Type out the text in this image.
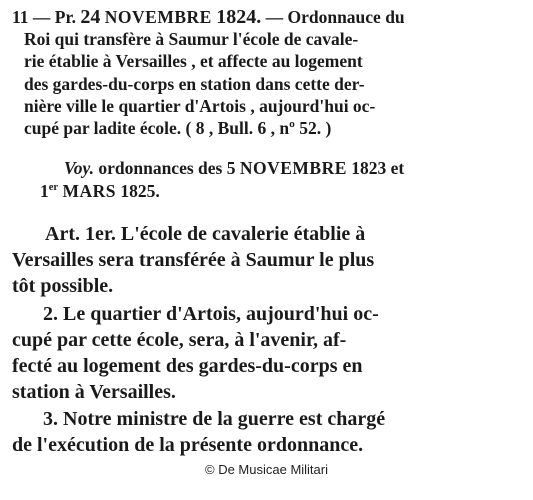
11 — Pr. 24 NOVEMBRE 1824. — Ordonnauce du
Roi qui transfère à Saumur l'école de cavale-
rie établie à Versailles , et affecte au logement
des gardes-du-corps en station dans cette der-
nière ville le quartier d'Artois , aujourd'hui oc-
cupé par ladite école. ( 8 , Bull. 6 , nº 52. )
Voy. ordonnances des 5 NOVEMBRE 1823 et
1er MARS 1825.
Art. 1er. L'école de cavalerie établie à
Versailles sera transférée à Saumur le plus
tôt possible.
2. Le quartier d'Artois, aujourd'hui oc-
cupé par cette école, sera, à l'avenir, af-
fecté au logement des gardes-du-corps en
station à Versailles.
3. Notre ministre de la guerre est chargé
de l'exécution de la présente ordonnance.
© De Musicae Militari
